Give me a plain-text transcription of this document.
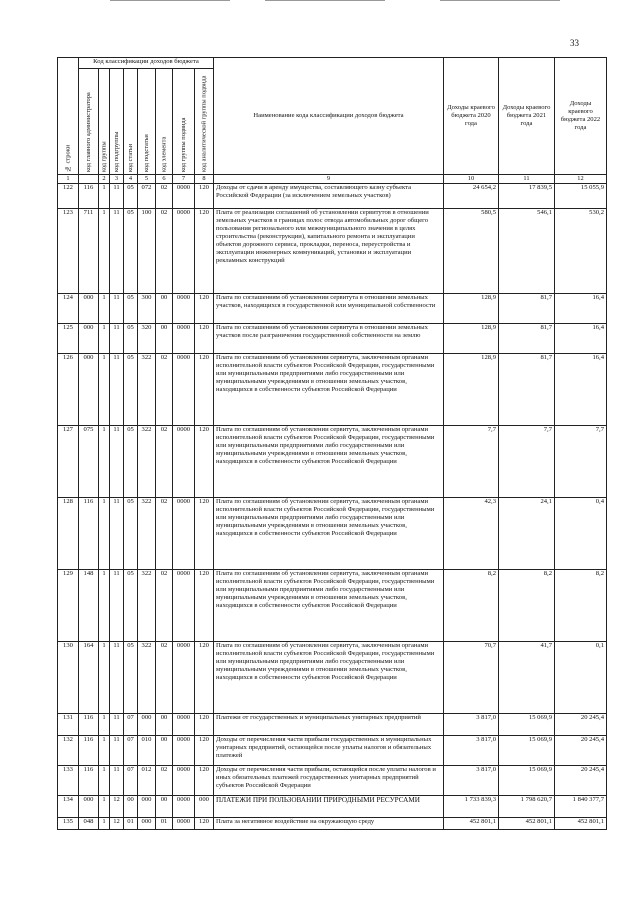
33
№ строки	Код классификации доходов бюджета								Наименование кода классификации доходов бюджета	Доходы краевого бюджета 2020 года	Доходы краевого бюджета 2021 года	Доходы краевого бюджета 2022 года
	код главного администратора	код группы	код подгруппы	код статьи	код подстатьи	код элемента	код группы подвида	код аналитической группы подвида				
1		2	3	4	5	6	7	8	9	10	11	12
122	116	1	11	05	072	02	0000	120	Доходы от сдачи в аренду имущества, составляющего казну субъекта Российской Федерации (за исключением земельных участков)	24 654,2	17 839,5	15 055,9
123	711	1	11	05	100	02	0000	120	Плата от реализации соглашений об установлении сервитутов в отношении земельных участков в границах полос отвода автомобильных дорог общего пользования регионального или межмуниципального значения в целях строительства (реконструкции), капитального ремонта и эксплуатации объектов дорожного сервиса, прокладки, переноса, переустройства и эксплуатации инженерных коммуникаций, установки и эксплуатации рекламных конструкций	580,5	546,1	530,2
124	000	1	11	05	300	00	0000	120	Плата по соглашениям об установлении сервитута в отношении земельных участков, находящихся в государственной или муниципальной собственности	128,9	81,7	16,4
125	000	1	11	05	320	00	0000	120	Плата по соглашениям об установлении сервитута в отношении земельных участков после разграничения государственной собственности на землю	128,9	81,7	16,4
126	000	1	11	05	322	02	0000	120	Плата по соглашениям об установлении сервитута, заключенным органами исполнительной власти субъектов Российской Федерации, государственными или муниципальными предприятиями либо государственными или муниципальными учреждениями в отношении земельных участков, находящихся в собственности субъектов Российской Федерации	128,9	81,7	16,4
127	075	1	11	05	322	02	0000	120	Плата по соглашениям об установлении сервитута, заключенным органами исполнительной власти субъектов Российской Федерации, государственными или муниципальными предприятиями либо государственными или муниципальными учреждениями в отношении земельных участков, находящихся в собственности субъектов Российской Федерации	7,7	7,7	7,7
128	116	1	11	05	322	02	0000	120	Плата по соглашениям об установлении сервитута, заключенным органами исполнительной власти субъектов Российской Федерации, государственными или муниципальными предприятиями либо государственными или муниципальными учреждениями в отношении земельных участков, находящихся в собственности субъектов Российской Федерации	42,3	24,1	0,4
129	148	1	11	05	322	02	0000	120	Плата по соглашениям об установлении сервитута, заключенным органами исполнительной власти субъектов Российской Федерации, государственными или муниципальными предприятиями либо государственными или муниципальными учреждениями в отношении земельных участков, находящихся в собственности субъектов Российской Федерации	8,2	8,2	8,2
130	164	1	11	05	322	02	0000	120	Плата по соглашениям об установлении сервитута, заключенным органами исполнительной власти субъектов Российской Федерации, государственными или муниципальными предприятиями либо государственными или муниципальными учреждениями в отношении земельных участков, находящихся в собственности субъектов Российской Федерации	70,7	41,7	0,1
131	116	1	11	07	000	00	0000	120	Платежи от государственных и муниципальных унитарных предприятий	3 817,0	15 069,9	20 245,4
132	116	1	11	07	010	00	0000	120	Доходы от перечисления части прибыли государственных и муниципальных унитарных предприятий, остающейся после уплаты налогов и обязательных платежей	3 817,0	15 069,9	20 245,4
133	116	1	11	07	012	02	0000	120	Доходы от перечисления части прибыли, остающейся после уплаты налогов и иных обязательных платежей государственных унитарных предприятий субъектов Российской Федерации	3 817,0	15 069,9	20 245,4
134	000	1	12	00	000	00	0000	000	ПЛАТЕЖИ ПРИ ПОЛЬЗОВАНИИ ПРИРОДНЫМИ РЕСУРСАМИ	1 733 839,3	1 798 620,7	1 840 377,7
135	048	1	12	01	000	01	0000	120	Плата за негативное воздействие на окружающую среду	452 801,1	452 801,1	452 801,1
